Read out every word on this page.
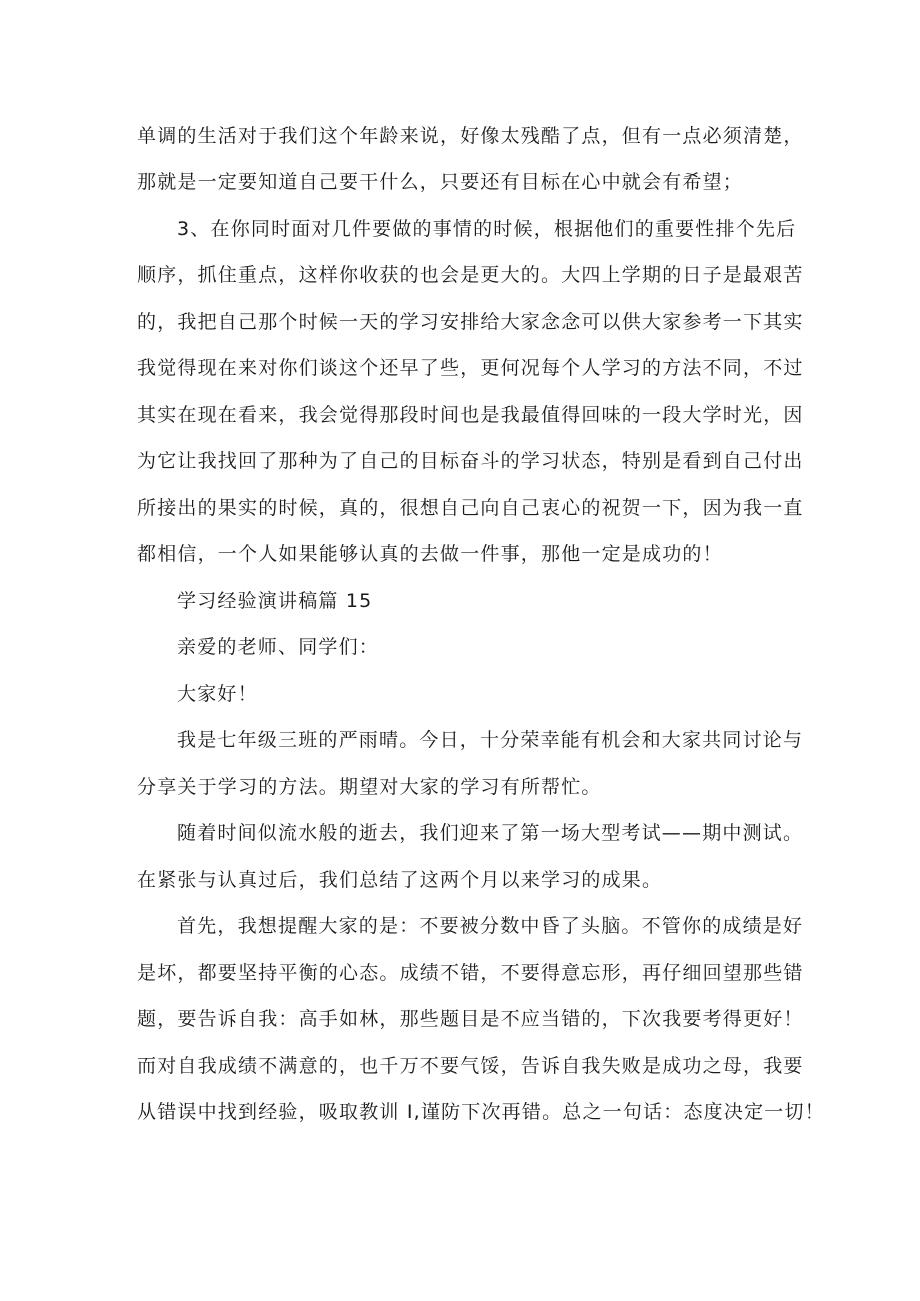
单调的生活对于我们这个年龄来说，好像太残酷了点，但有一点必须清楚，
那就是一定要知道自己要干什么，只要还有目标在心中就会有希望；
3、在你同时面对几件要做的事情的时候，根据他们的重要性排个先后
顺序，抓住重点，这样你收获的也会是更大的。大四上学期的日子是最艰苦
的，我把自己那个时候一天的学习安排给大家念念可以供大家参考一下其实
我觉得现在来对你们谈这个还早了些，更何况每个人学习的方法不同，不过
其实在现在看来，我会觉得那段时间也是我最值得回味的一段大学时光，因
为它让我找回了那种为了自己的目标奋斗的学习状态，特别是看到自己付出
所接出的果实的时候，真的，很想自己向自己衷心的祝贺一下，因为我一直
都相信，一个人如果能够认真的去做一件事，那他一定是成功的！
学习经验演讲稿篇 15
亲爱的老师、同学们：
大家好！
我是七年级三班的严雨晴。今日，十分荣幸能有机会和大家共同讨论与
分享关于学习的方法。期望对大家的学习有所帮忙。
随着时间似流水般的逝去，我们迎来了第一场大型考试——期中测试。
在紧张与认真过后，我们总结了这两个月以来学习的成果。
首先，我想提醒大家的是：不要被分数中昏了头脑。不管你的成绩是好
是坏，都要坚持平衡的心态。成绩不错，不要得意忘形，再仔细回望那些错
题，要告诉自我：高手如林，那些题目是不应当错的，下次我要考得更好！
而对自我成绩不满意的，也千万不要气馁，告诉自我失败是成功之母，我要
从错误中找到经验，吸取教训 I,谨防下次再错。总之一句话：态度决定一切！
